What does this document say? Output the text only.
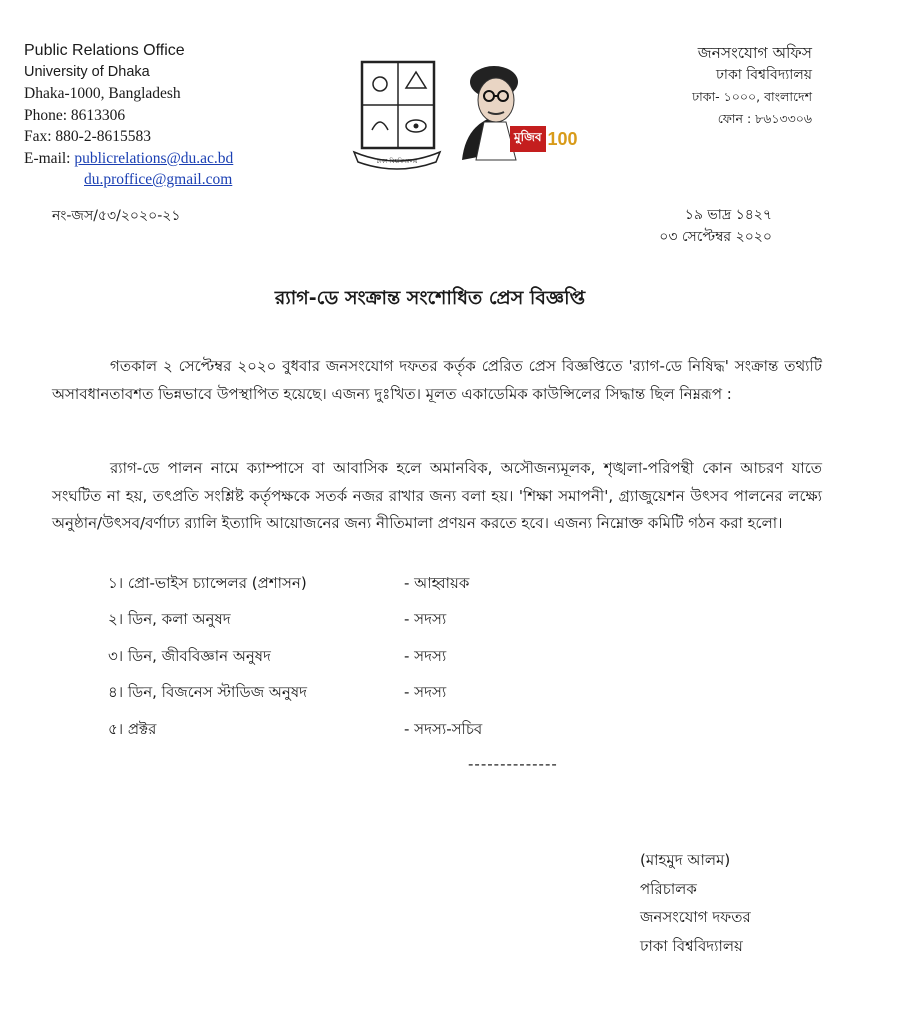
Public Relations Office
University of Dhaka
Dhaka-1000, Bangladesh
Phone: 8613306
Fax: 880-2-8615583
E-mail: publicrelations@du.ac.bd
du.proffice@gmail.com
ঢাকা বিশ্ববিদ্যালয়
মুজিব 100
জনসংযোগ অফিস
ঢাকা বিশ্ববিদ্যালয়
ঢাকা- ১০০০, বাংলাদেশ
ফোন : ৮৬১৩৩০৬
নং-জস/৫৩/২০২০-২১	১৯ ভাদ্র ১৪২৭
০৩ সেপ্টেম্বর ২০২০
র‌্যাগ-ডে সংক্রান্ত সংশোধিত প্রেস বিজ্ঞপ্তি
গতকাল ২ সেপ্টেম্বর ২০২০ বুধবার জনসংযোগ দফতর কর্তৃক প্রেরিত প্রেস বিজ্ঞপ্তিতে 'র‌্যাগ-ডে নিষিদ্ধ' সংক্রান্ত তথ্যটি অসাবধানতাবশত ভিন্নভাবে উপস্থাপিত হয়েছে। এজন্য দুঃখিত। মূলত একাডেমিক কাউন্সিলের সিদ্ধান্ত ছিল নিম্নরূপ :
র‌্যাগ-ডে পালন নামে ক্যাম্পাসে বা আবাসিক হলে অমানবিক, অসৌজন্যমূলক, শৃঙ্খলা-পরিপন্থী কোন আচরণ যাতে সংঘটিত না হয়, তৎপ্রতি সংশ্লিষ্ট কর্তৃপক্ষকে সতর্ক নজর রাখার জন্য বলা হয়। 'শিক্ষা সমাপনী', গ্র্যাজুয়েশন উৎসব পালনের লক্ষ্যে অনুষ্ঠান/উৎসব/বর্ণাঢ্য র‌্যালি ইত্যাদি আয়োজনের জন্য নীতিমালা প্রণয়ন করতে হবে। এজন্য নিম্নোক্ত কমিটি গঠন করা হলো।
১। প্রো-ভাইস চ্যান্সেলর (প্রশাসন)	- আহ্বায়ক
২। ডিন, কলা অনুষদ	- সদস্য
৩। ডিন, জীববিজ্ঞান অনুষদ	- সদস্য
৪। ডিন, বিজনেস স্টাডিজ অনুষদ	- সদস্য
৫। প্রক্টর	- সদস্য-সচিব
--------------
(মাহমুদ আলম)
পরিচালক
জনসংযোগ দফতর
ঢাকা বিশ্ববিদ্যালয়
